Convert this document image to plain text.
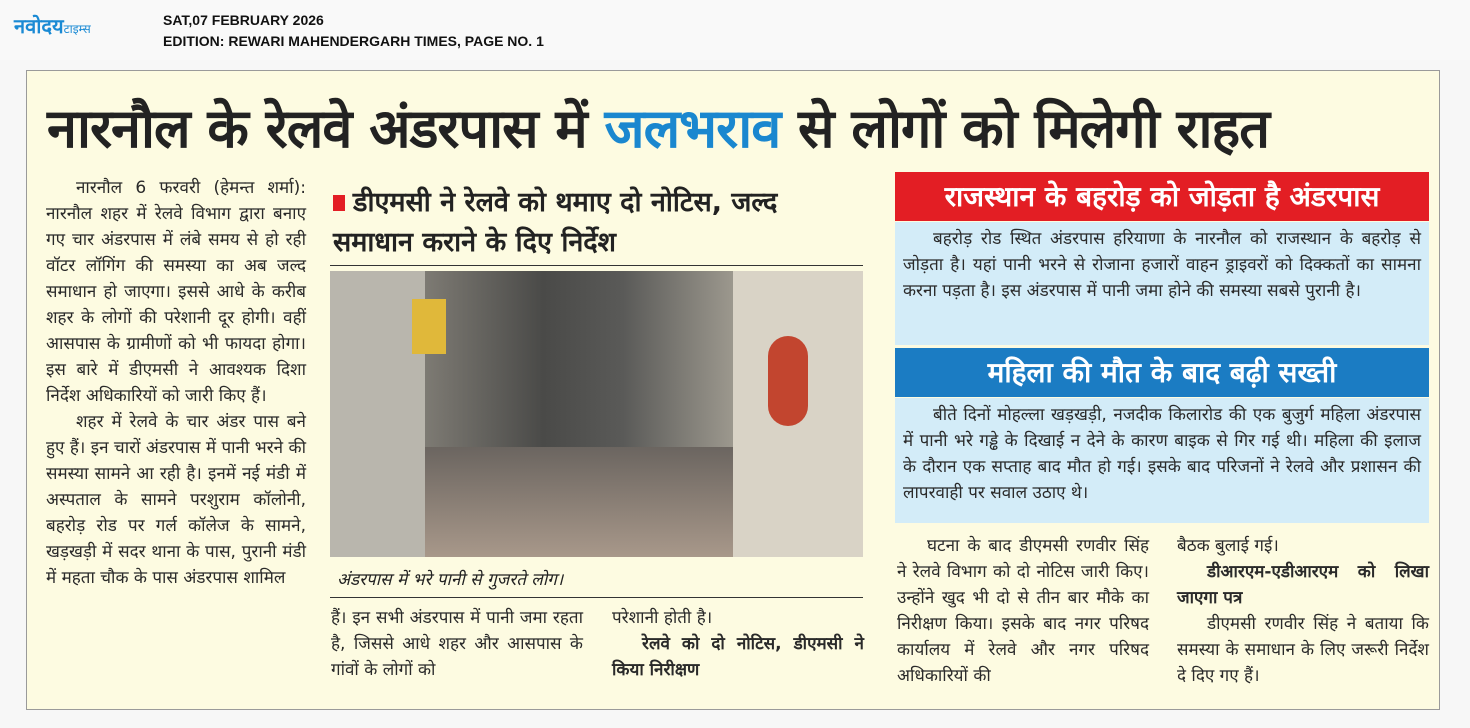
नवोदयटाइम्स
SAT,07 FEBRUARY 2026
EDITION: REWARI MAHENDERGARH TIMES, PAGE NO. 1
नारनौल के रेलवे अंडरपास में जलभराव से लोगों को मिलेगी राहत

नारनौल 6 फरवरी (हेमन्त शर्मा): नारनौल शहर में रेलवे विभाग द्वारा बनाए गए चार अंडरपास में लंबे समय से हो रही वॉटर लॉगिंग की समस्या का अब जल्द समाधान हो जाएगा। इससे आधे के करीब शहर के लोगों की परेशानी दूर होगी। वहीं आसपास के ग्रामीणों को भी फायदा होगा। इस बारे में डीएमसी ने आवश्यक दिशा निर्देश अधिकारियों को जारी किए हैं।

शहर में रेलवे के चार अंडर पास बने हुए हैं। इन चारों अंडरपास में पानी भरने की समस्या सामने आ रही है। इनमें नई मंडी में अस्पताल के सामने परशुराम कॉलोनी, बहरोड़ रोड पर गर्ल कॉलेज के सामने, खड़खड़ी में सदर थाना के पास, पुरानी मंडी में महता चौक के पास अंडरपास शामिल

डीएमसी ने रेलवे को थमाए दो नोटिस, जल्द समाधान कराने के दिए निर्देश
अंडरपास में भरे पानी से गुजरते लोग।
हैं। इन सभी अंडरपास में पानी जमा रहता है, जिससे आधे शहर और आसपास के गांवों के लोगों को
परेशानी होती है।

रेलवे को दो नोटिस, डीएमसी ने किया निरीक्षण

राजस्थान के बहरोड़ को जोड़ता है अंडरपास

बहरोड़ रोड स्थित अंडरपास हरियाणा के नारनौल को राजस्थान के बहरोड़ से जोड़ता है। यहां पानी भरने से रोजाना हजारों वाहन ड्राइवरों को दिक्कतों का सामना करना पड़ता है। इस अंडरपास में पानी जमा होने की समस्या सबसे पुरानी है।

महिला की मौत के बाद बढ़ी सख्ती

बीते दिनों मोहल्ला खड़खड़ी, नजदीक किलारोड की एक बुजुर्ग महिला अंडरपास में पानी भरे गड्ढे के दिखाई न देने के कारण बाइक से गिर गई थी। महिला की इलाज के दौरान एक सप्ताह बाद मौत हो गई। इसके बाद परिजनों ने रेलवे और प्रशासन की लापरवाही पर सवाल उठाए थे।

घटना के बाद डीएमसी रणवीर सिंह ने रेलवे विभाग को दो नोटिस जारी किए। उन्होंने खुद भी दो से तीन बार मौके का निरीक्षण किया। इसके बाद नगर परिषद कार्यालय में रेलवे और नगर परिषद अधिकारियों की

बैठक बुलाई गई।

डीआरएम-एडीआरएम को लिखा जाएगा पत्र

डीएमसी रणवीर सिंह ने बताया कि समस्या के समाधान के लिए जरूरी निर्देश दे दिए गए हैं।
